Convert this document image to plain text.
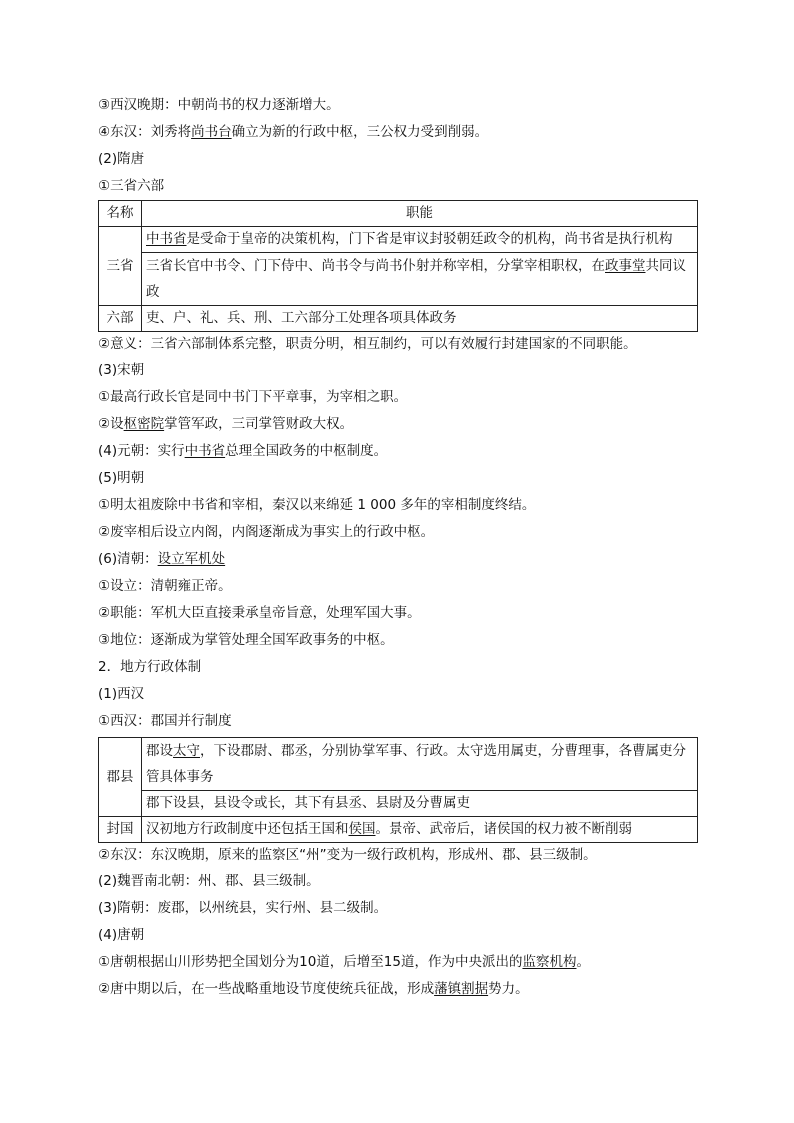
③西汉晚期：中朝尚书的权力逐渐增大。
④东汉：刘秀将尚书台确立为新的行政中枢，三公权力受到削弱。
(2)隋唐
①三省六部
名称	职能
三省	中书省是受命于皇帝的决策机构，门下省是审议封驳朝廷政令的机构，尚书省是执行机构
	三省长官中书令、门下侍中、尚书令与尚书仆射并称宰相，分掌宰相职权，在政事堂共同议政
六部	吏、户、礼、兵、刑、工六部分工处理各项具体政务
②意义：三省六部制体系完整，职责分明，相互制约，可以有效履行封建国家的不同职能。
(3)宋朝
①最高行政长官是同中书门下平章事，为宰相之职。
②设枢密院掌管军政，三司掌管财政大权。
(4)元朝：实行中书省总理全国政务的中枢制度。
(5)明朝
①明太祖废除中书省和宰相，秦汉以来绵延 1 000 多年的宰相制度终结。
②废宰相后设立内阁，内阁逐渐成为事实上的行政中枢。
(6)清朝：设立军机处
①设立：清朝雍正帝。
②职能：军机大臣直接秉承皇帝旨意，处理军国大事。
③地位：逐渐成为掌管处理全国军政事务的中枢。
2．地方行政体制
(1)西汉
①西汉：郡国并行制度
郡县	郡设太守，下设郡尉、郡丞，分别协掌军事、行政。太守选用属吏，分曹理事，各曹属吏分管具体事务
	郡下设县，县设令或长，其下有县丞、县尉及分曹属吏
封国	汉初地方行政制度中还包括王国和侯国。景帝、武帝后，诸侯国的权力被不断削弱
②东汉：东汉晚期，原来的监察区“州”变为一级行政机构，形成州、郡、县三级制。
(2)魏晋南北朝：州、郡、县三级制。
(3)隋朝：废郡，以州统县，实行州、县二级制。
(4)唐朝
①唐朝根据山川形势把全国划分为10道，后增至15道，作为中央派出的监察机构。
②唐中期以后，在一些战略重地设节度使统兵征战，形成藩镇割据势力。
